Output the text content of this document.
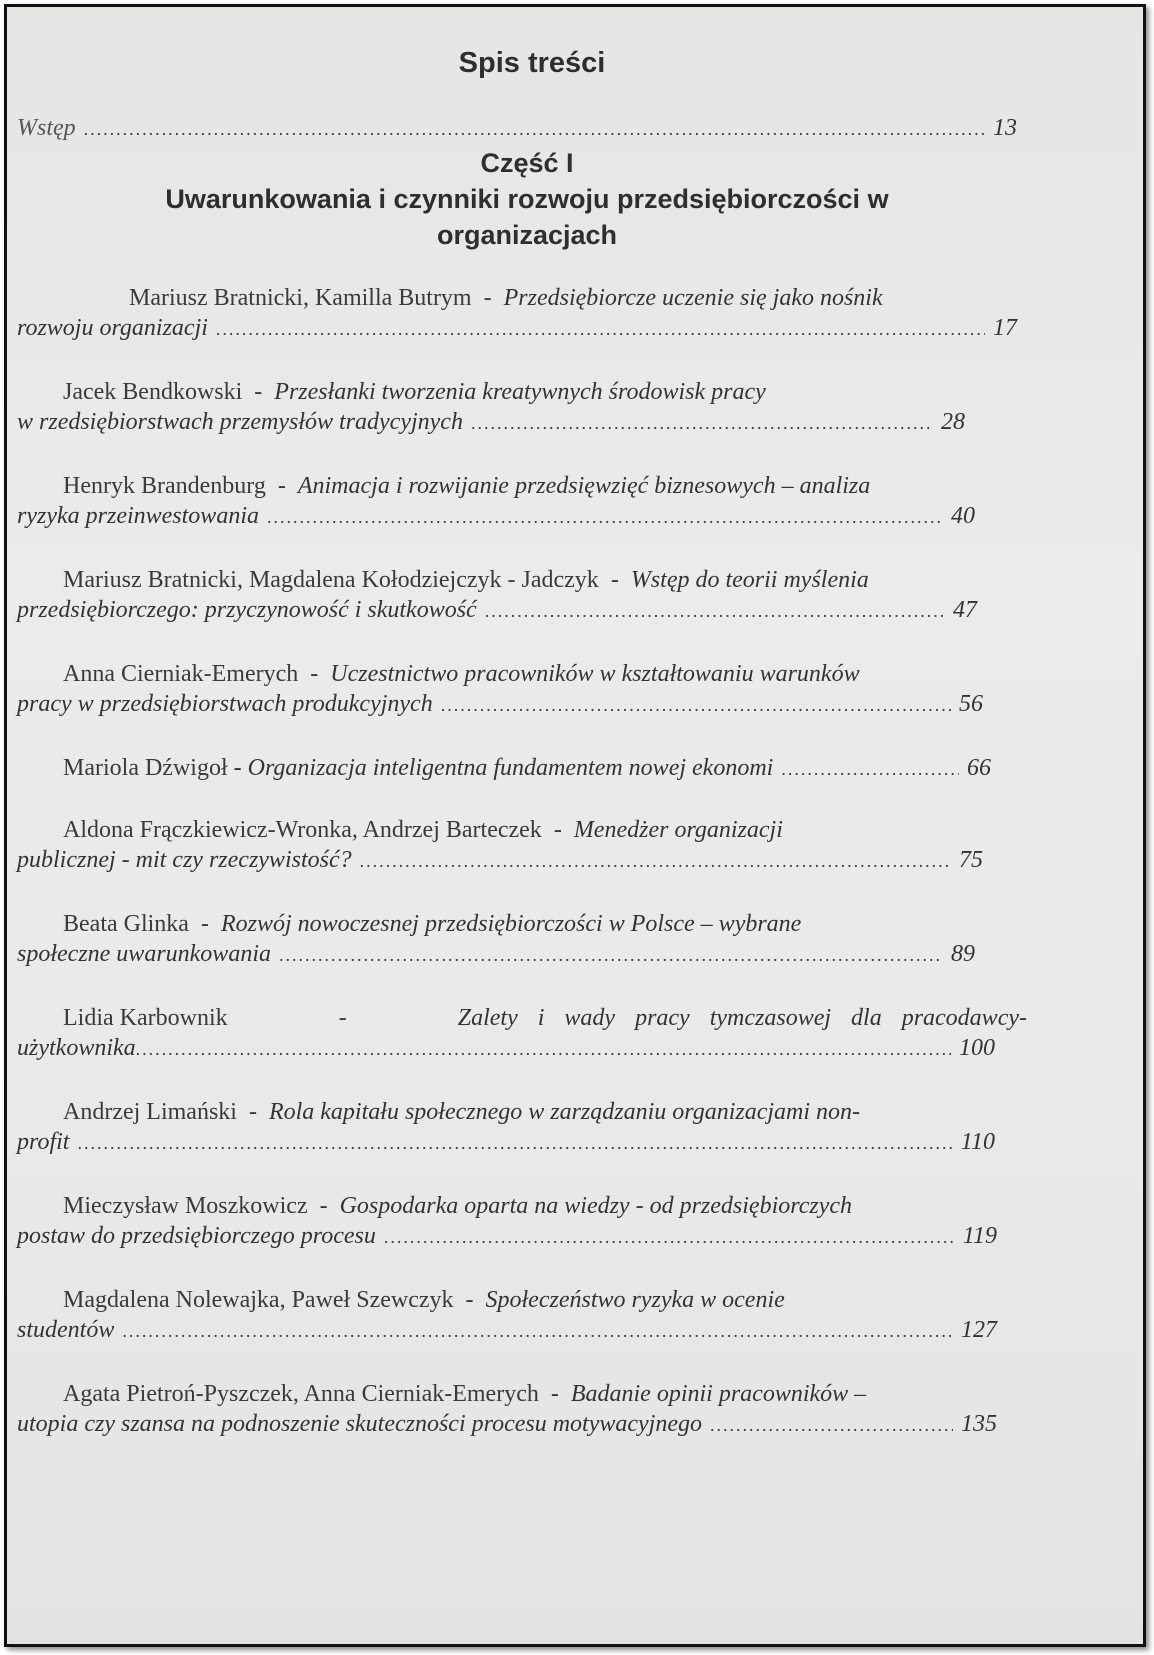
Spis treści
Wstęp .....	13
Część I
Uwarunkowania i czynniki rozwoju przedsiębiorczości w
organizacjach
Mariusz Bratnicki, Kamilla Butrym - Przedsiębiorcze uczenie się jako nośnik
rozwoju organizacji .....	17
Jacek Bendkowski - Przesłanki tworzenia kreatywnych środowisk pracy
w rzedsiębiorstwach przemysłów tradycyjnych .....	28
Henryk Brandenburg - Animacja i rozwijanie przedsięwzięć biznesowych – analiza
ryzyka przeinwestowania .....	40
Mariusz Bratnicki, Magdalena Kołodziejczyk - Jadczyk - Wstęp do teorii myślenia
przedsiębiorczego: przyczynowość i skutkowość .....	47
Anna Cierniak-Emerych - Uczestnictwo pracowników w kształtowaniu warunków
pracy w przedsiębiorstwach produkcyjnych .....	56
Mariola Dźwigoł - Organizacja inteligentna fundamentem nowej ekonomi .....	66
Aldona Frączkiewicz-Wronka, Andrzej Barteczek - Menedżer organizacji
publicznej - mit czy rzeczywistość? .....	75
Beata Glinka - Rozwój nowoczesnej przedsiębiorczości w Polsce – wybrane
społeczne uwarunkowania .....	89
Lidia Karbownik	-	Zalety i wady pracy tymczasowej dla pracodawcy-
użytkownika .....	100
Andrzej Limański - Rola kapitału społecznego w zarządzaniu organizacjami non-
profit .....	110
Mieczysław Moszkowicz - Gospodarka oparta na wiedzy - od przedsiębiorczych
postaw do przedsiębiorczego procesu .....	119
Magdalena Nolewajka, Paweł Szewczyk - Społeczeństwo ryzyka w ocenie
studentów .....	127
Agata Pietroń-Pyszczek, Anna Cierniak-Emerych - Badanie opinii pracowników –
utopia czy szansa na podnoszenie skuteczności procesu motywacyjnego .....	135
